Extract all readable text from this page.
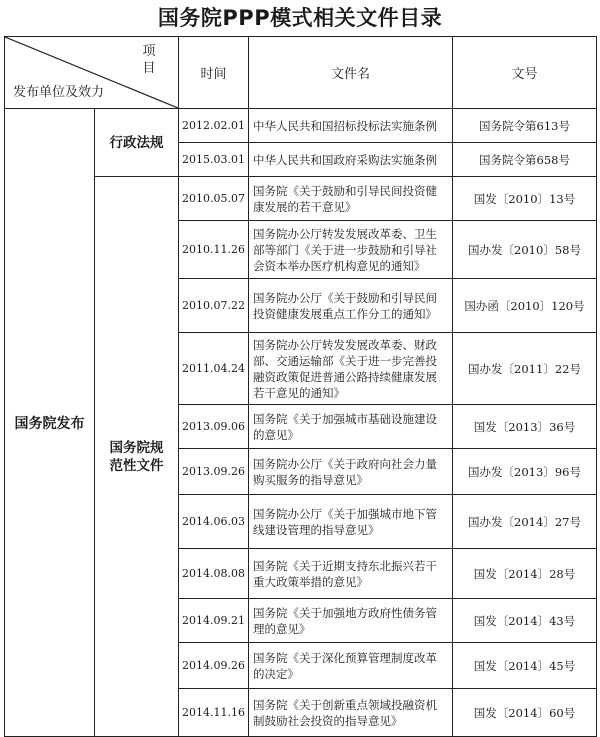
国务院PPP模式相关文件目录
项目
发布单位及效力		时间	文件名	文号
国务院发布	行政法规	2012.02.01	中华人民共和国招标投标法实施条例	国务院令第613号
		2015.03.01	中华人民共和国政府采购法实施条例	国务院令第658号

	国务院规范性文件	2010.05.07	国务院《关于鼓励和引导民间投资健康发展的若干意见》	国发〔2010〕13号
		2010.11.26	国务院办公厅转发发展改革委、卫生部等部门《关于进一步鼓励和引导社会资本举办医疗机构意见的通知》	国办发〔2010〕58号
		2010.07.22	国务院办公厅《关于鼓励和引导民间投资健康发展重点工作分工的通知》	国办函〔2010〕120号
		2011.04.24	国务院办公厅转发发展改革委、财政部、交通运输部《关于进一步完善投融资政策促进普通公路持续健康发展若干意见的通知》	国办发〔2011〕22号
		2013.09.06	国务院《关于加强城市基础设施建设的意见》	国发〔2013〕36号
		2013.09.26	国务院办公厅《关于政府向社会力量购买服务的指导意见》	国办发〔2013〕96号
		2014.06.03	国务院办公厅《关于加强城市地下管线建设管理的指导意见》	国办发〔2014〕27号
		2014.08.08	国务院《关于近期支持东北振兴若干重大政策举措的意见》	国发〔2014〕28号
		2014.09.21	国务院《关于加强地方政府性债务管理的意见》	国发〔2014〕43号
		2014.09.26	国务院《关于深化预算管理制度改革的决定》	国发〔2014〕45号
		2014.11.16	国务院《关于创新重点领域投融资机制鼓励社会投资的指导意见》	国发〔2014〕60号
